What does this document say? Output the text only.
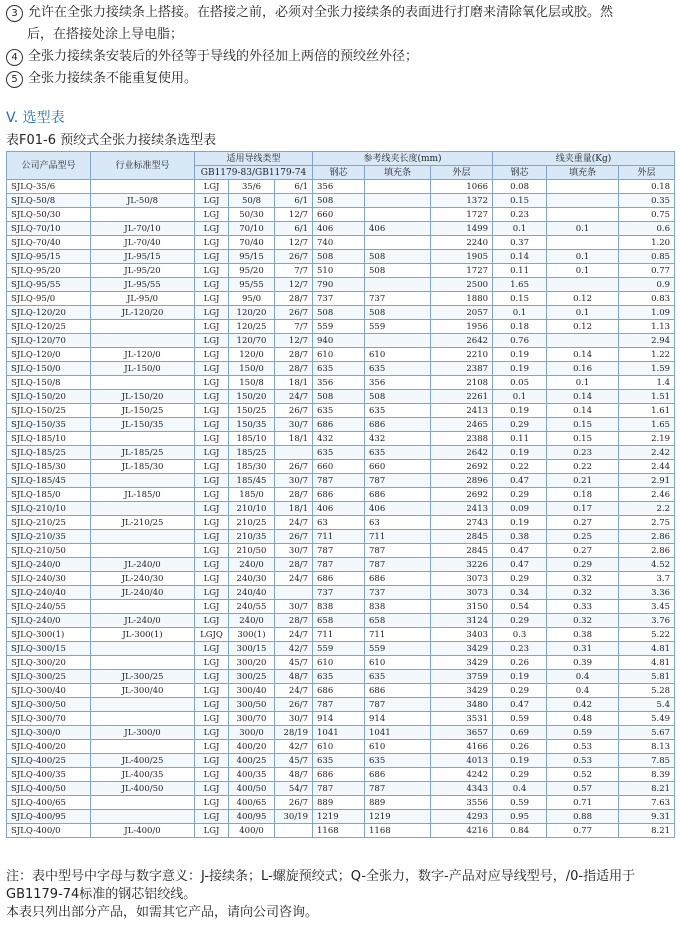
3 允许在全张力接续条上搭接。在搭接之前，必须对全张力接续条的表面进行打磨来清除氧化层或胶。然
后，在搭接处涂上导电脂；
4 全张力接续条安装后的外径等于导线的外径加上两倍的预绞丝外径；
5 全张力接续条不能重复使用。
V. 选型表
表F01-6 预绞式全张力接续条选型表
公司产品型号	行业标准型号	适用导线类型			参考线夹长度(mm)			线夹重量(Kg)		
		GB1179-83/GB1179-74			钢芯	填充条	外层	钢芯	填充条	外层
SJLQ-35/6		LGJ	35/6	6/1	356		1066	0.08		0.18
SJLQ-50/8	JL-50/8	LGJ	50/8	6/1	508		1372	0.15		0.35
SJLQ-50/30		LGJ	50/30	12/7	660		1727	0.23		0.75
SJLQ-70/10	JL-70/10	LGJ	70/10	6/1	406	406	1499	0.1	0.1	0.6
SJLQ-70/40	JL-70/40	LGJ	70/40	12/7	740		2240	0.37		1.20
SJLQ-95/15	JL-95/15	LGJ	95/15	26/7	508	508	1905	0.14	0.1	0.85
SJLQ-95/20	JL-95/20	LGJ	95/20	7/7	510	508	1727	0.11	0.1	0.77
SJLQ-95/55	JL-95/55	LGJ	95/55	12/7	790		2500	1.65		0.9
SJLQ-95/0	JL-95/0	LGJ	95/0	28/7	737	737	1880	0.15	0.12	0.83
SJLQ-120/20	JL-120/20	LGJ	120/20	26/7	508	508	2057	0.1	0.1	1.09
SJLQ-120/25		LGJ	120/25	7/7	559	559	1956	0.18	0.12	1.13
SJLQ-120/70		LGJ	120/70	12/7	940		2642	0.76		2.94
SJLQ-120/0	JL-120/0	LGJ	120/0	28/7	610	610	2210	0.19	0.14	1.22
SJLQ-150/0	JL-150/0	LGJ	150/0	28/7	635	635	2387	0.19	0.16	1.59
SJLQ-150/8		LGJ	150/8	18/1	356	356	2108	0.05	0.1	1.4
SJLQ-150/20	JL-150/20	LGJ	150/20	24/7	508	508	2261	0.1	0.14	1.51
SJLQ-150/25	JL-150/25	LGJ	150/25	26/7	635	635	2413	0.19	0.14	1.61
SJLQ-150/35	JL-150/35	LGJ	150/35	30/7	686	686	2465	0.29	0.15	1.65
SJLQ-185/10		LGJ	185/10	18/1	432	432	2388	0.11	0.15	2.19
SJLQ-185/25	JL-185/25	LGJ	185/25		635	635	2642	0.19	0.23	2.42
SJLQ-185/30	JL-185/30	LGJ	185/30	26/7	660	660	2692	0.22	0.22	2.44
SJLQ-185/45		LGJ	185/45	30/7	787	787	2896	0.47	0.21	2.91
SJLQ-185/0	JL-185/0	LGJ	185/0	28/7	686	686	2692	0.29	0.18	2.46
SJLQ-210/10		LGJ	210/10	18/1	406	406	2413	0.09	0.17	2.2
SJLQ-210/25	JL-210/25	LGJ	210/25	24/7	63	63	2743	0.19	0.27	2.75
SJLQ-210/35		LGJ	210/35	26/7	711	711	2845	0.38	0.25	2.86
SJLQ-210/50		LGJ	210/50	30/7	787	787	2845	0.47	0.27	2.86
SJLQ-240/0	JL-240/0	LGJ	240/0	28/7	787	787	3226	0.47	0.29	4.52
SJLQ-240/30	JL-240/30	LGJ	240/30	24/7	686	686	3073	0.29	0.32	3.7
SJLQ-240/40	JL-240/40	LGJ	240/40		737	737	3073	0.34	0.32	3.36
SJLQ-240/55		LGJ	240/55	30/7	838	838	3150	0.54	0.33	3.45
SJLQ-240/0	JL-240/0	LGJ	240/0	28/7	658	658	3124	0.29	0.32	3.76
SJLQ-300(1)	JL-300(1)	LGJQ	300(1)	24/7	711	711	3403	0.3	0.38	5.22
SJLQ-300/15		LGJ	300/15	42/7	559	559	3429	0.23	0.31	4.81
SJLQ-300/20		LGJ	300/20	45/7	610	610	3429	0.26	0.39	4.81
SJLQ-300/25	JL-300/25	LGJ	300/25	48/7	635	635	3759	0.19	0.4	5.81
SJLQ-300/40	JL-300/40	LGJ	300/40	24/7	686	686	3429	0.29	0.4	5.28
SJLQ-300/50		LGJ	300/50	26/7	787	787	3480	0.47	0.42	5.4
SJLQ-300/70		LGJ	300/70	30/7	914	914	3531	0.59	0.48	5.49
SJLQ-300/0	JL-300/0	LGJ	300/0	28/19	1041	1041	3657	0.69	0.59	5.67
SJLQ-400/20		LGJ	400/20	42/7	610	610	4166	0.26	0.53	8.13
SJLQ-400/25	JL-400/25	LGJ	400/25	45/7	635	635	4013	0.19	0.53	7.85
SJLQ-400/35	JL-400/35	LGJ	400/35	48/7	686	686	4242	0.29	0.52	8.39
SJLQ-400/50	JL-400/50	LGJ	400/50	54/7	787	787	4343	0.4	0.57	8.21
SJLQ-400/65		LGJ	400/65	26/7	889	889	3556	0.59	0.71	7.63
SJLQ-400/95		LGJ	400/95	30/19	1219	1219	4293	0.95	0.88	9.31
SJLQ-400/0	JL-400/0	LGJ	400/0		1168	1168	4216	0.84	0.77	8.21
注：表中型号中字母与数字意义：J-接续条；L-螺旋预绞式；Q-全张力，数字-产品对应导线型号，/0-指适用于GB1179-74标准的钢芯铝绞线。
本表只列出部分产品，如需其它产品，请向公司咨询。
